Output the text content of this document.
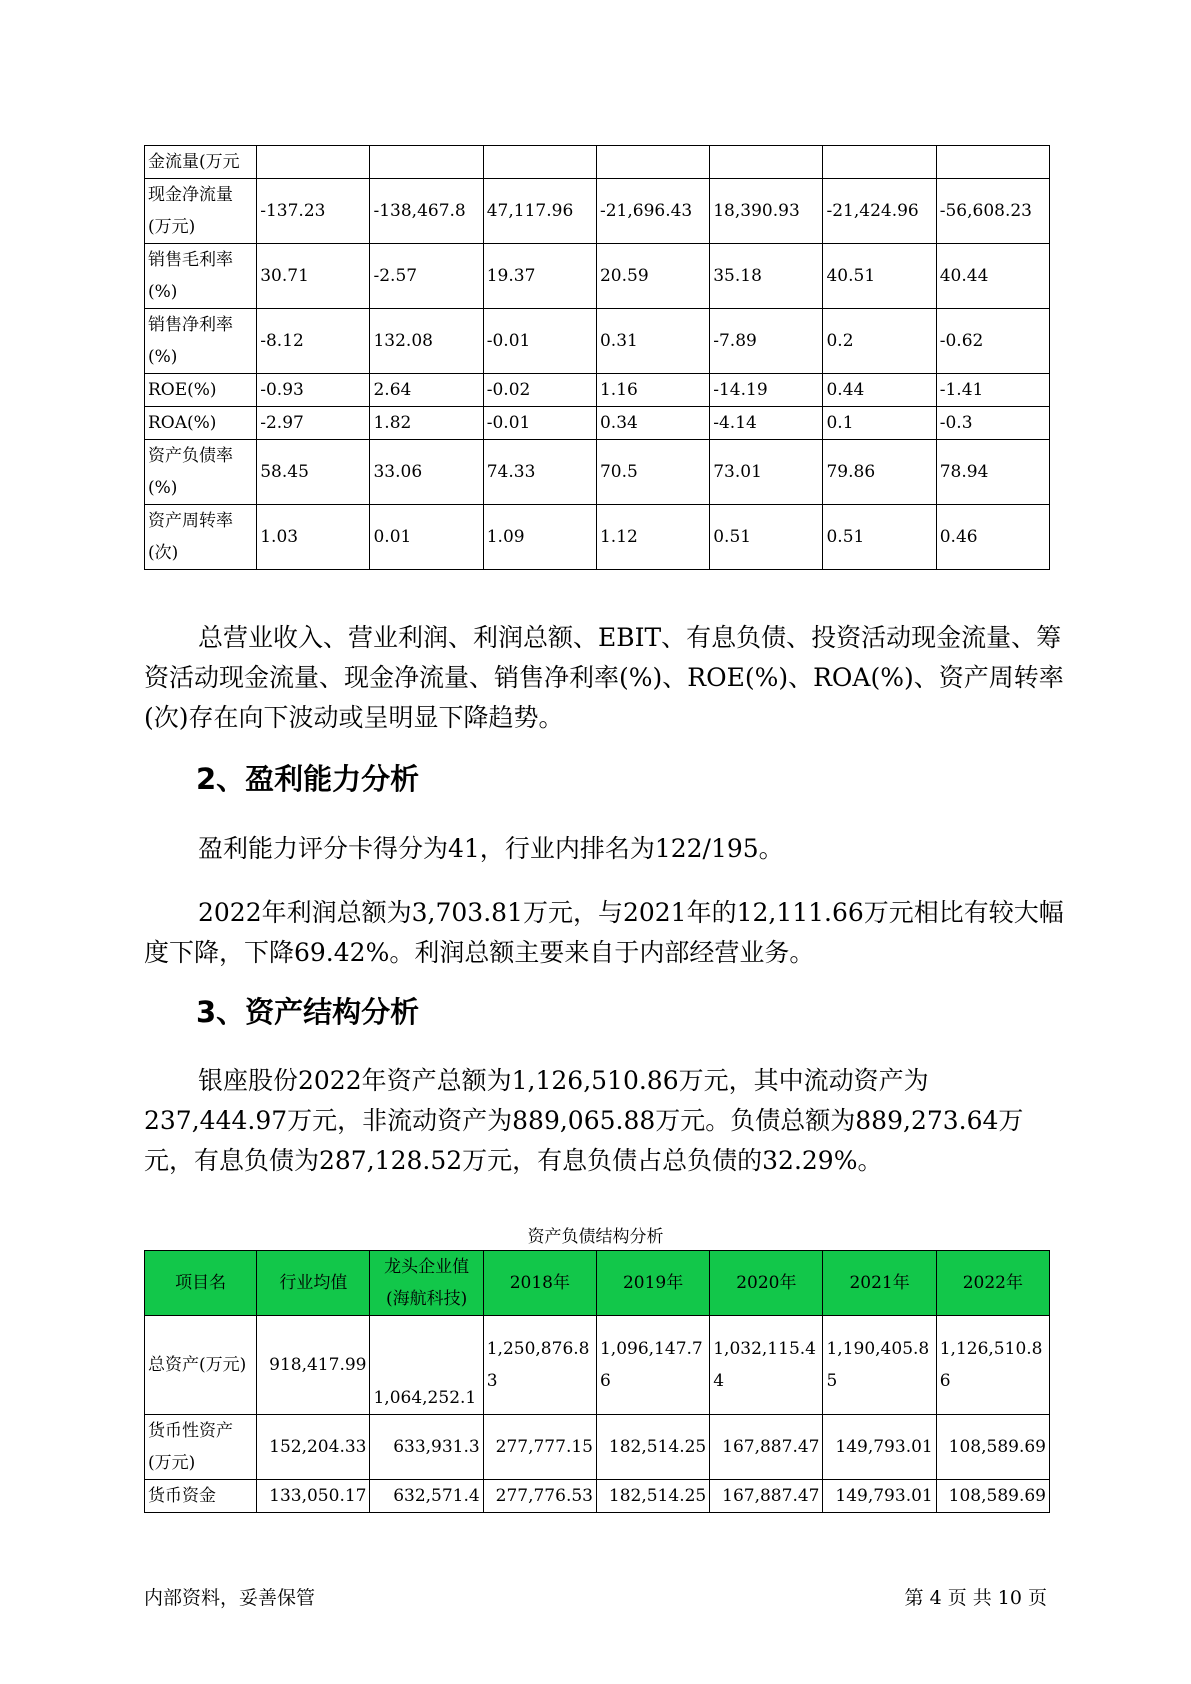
金流量(万元							
现金净流量(万元)	-137.23	-138,467.8	47,117.96	-21,696.43	18,390.93	-21,424.96	-56,608.23
销售毛利率(%)	30.71	-2.57	19.37	20.59	35.18	40.51	40.44
销售净利率(%)	-8.12	132.08	-0.01	0.31	-7.89	0.2	-0.62
ROE(%)	-0.93	2.64	-0.02	1.16	-14.19	0.44	-1.41
ROA(%)	-2.97	1.82	-0.01	0.34	-4.14	0.1	-0.3
资产负债率(%)	58.45	33.06	74.33	70.5	73.01	79.86	78.94
资产周转率(次)	1.03	0.01	1.09	1.12	0.51	0.51	0.46

总营业收入、营业利润、利润总额、EBIT、有息负债、投资活动现金流量、筹资活动现金流量、现金净流量、销售净利率(%)、ROE(%)、ROA(%)、资产周转率(次)存在向下波动或呈明显下降趋势。

2、盈利能力分析

盈利能力评分卡得分为41，行业内排名为122/195。

2022年利润总额为3,703.81万元，与2021年的12,111.66万元相比有较大幅度下降，下降69.42%。利润总额主要来自于内部经营业务。

3、资产结构分析

银座股份2022年资产总额为1,126,510.86万元，其中流动资产为237,444.97万元，非流动资产为889,065.88万元。负债总额为889,273.64万元，有息负债为287,128.52万元，有息负债占总负债的32.29%。

资产负债结构分析
项目名	行业均值	龙头企业值(海航科技)	2018年	2019年	2020年	2021年	2022年
总资产(万元)	918,417.99	1,064,252.1	1,250,876.83	1,096,147.76	1,032,115.44	1,190,405.85	1,126,510.86
货币性资产(万元)	152,204.33	633,931.3	277,777.15	182,514.25	167,887.47	149,793.01	108,589.69
货币资金	133,050.17	632,571.4	277,776.53	182,514.25	167,887.47	149,793.01	108,589.69
内部资料，妥善保管	第 4 页 共 10 页
